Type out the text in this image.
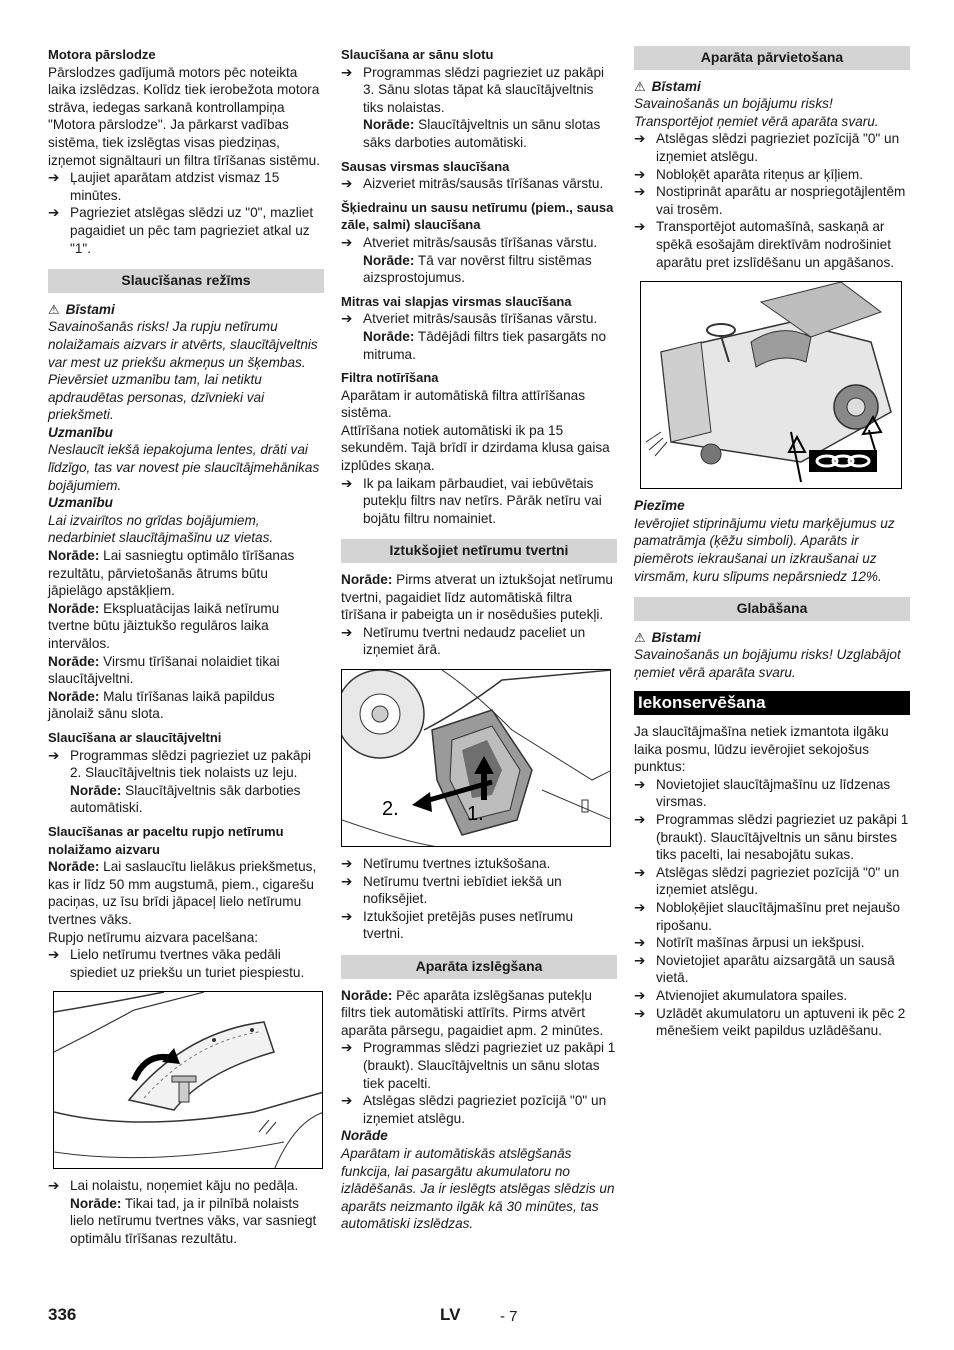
Motora pārslodze
Pārslodzes gadījumā motors pēc noteikta laika izslēdzas. Kolīdz tiek ierobežota motora strāva, iedegas sarkanā kontrollampiņa "Motora pārslodze". Ja pārkarst vadības sistēma, tiek izslēgtas visas piedziņas, izņemot signāltauri un filtra tīrīšanas sistēmu.
➔ Ļaujiet aparātam atdzist vismaz 15 minūtes.
➔ Pagrieziet atslēgas slēdzi uz "0", mazliet pagaidiet un pēc tam pagrieziet atkal uz "1".
Slaucīšanas režīms
⚠ Bīstami
Savainošanās risks! Ja rupju netīrumu nolaižamais aizvars ir atvērts, slaucītājveltnis var mest uz priekšu akmeņus un šķembas. Pievērsiet uzmanību tam, lai netiktu apdraudētas personas, dzīvnieki vai priekšmeti.
Uzmanību
Neslaucīt iekšā iepakojuma lentes, drāti vai līdzīgo, tas var novest pie slaucītājmehānikas bojājumiem.
Uzmanību
Lai izvairītos no grīdas bojājumiem, nedarbiniet slaucītājmašīnu uz vietas.
Norāde: Lai sasniegtu optimālo tīrīšanas rezultātu, pārvietošanās ātrums būtu jāpielāgo apstākļiem.
Norāde: Ekspluatācijas laikā netīrumu tvertne būtu jāiztukšo regulāros laika intervālos.
Norāde: Virsmu tīrīšanai nolaidiet tikai slaucītājveltni.
Norāde: Malu tīrīšanas laikā papildus jānolaiž sānu slota.
Slaucīšana ar slaucītājveltni
➔ Programmas slēdzi pagrieziet uz pakāpi 2. Slaucītājveltnis tiek nolaists uz leju.
Norāde: Slaucītājveltnis sāk darboties automātiski.
Slaucīšanas ar paceltu rupjo netīrumu nolaižamo aizvaru
Norāde: Lai saslaucītu lielākus priekšmetus, kas ir līdz 50 mm augstumā, piem., cigarešu paciņas, uz īsu brīdi jāpaceļ lielo netīrumu tvertnes vāks.
Rupjo netīrumu aizvara pacelšana:
➔ Lielo netīrumu tvertnes vāka pedāli spiediet uz priekšu un turiet piespiestu.
➔ Lai nolaistu, noņemiet kāju no pedāļa.
Norāde: Tikai tad, ja ir pilnībā nolaists lielo netīrumu tvertnes vāks, var sasniegt optimālu tīrīšanas rezultātu.
Slaucīšana ar sānu slotu
➔ Programmas slēdzi pagrieziet uz pakāpi 3. Sānu slotas tāpat kā slaucītājveltnis tiks nolaistas.
Norāde: Slaucītājveltnis un sānu slotas sāks darboties automātiski.
Sausas virsmas slaucīšana
➔ Aizveriet mitrās/sausās tīrīšanas vārstu.
Šķiedrainu un sausu netīrumu (piem., sausa zāle, salmi) slaucīšana
➔ Atveriet mitrās/sausās tīrīšanas vārstu.
Norāde: Tā var novērst filtru sistēmas aizsprostojumus.
Mitras vai slapjas virsmas slaucīšana
➔ Atveriet mitrās/sausās tīrīšanas vārstu.
Norāde: Tādējādi filtrs tiek pasargāts no mitruma.
Filtra notīrīšana
Aparātam ir automātiskā filtra attīrīšanas sistēma.
Attīrīšana notiek automātiski ik pa 15 sekundēm. Tajā brīdī ir dzirdama klusa gaisa izplūdes skaņa.
➔ Ik pa laikam pārbaudiet, vai iebūvētais putekļu filtrs nav netīrs. Pārāk netīru vai bojātu filtru nomainiet.
Iztukšojiet netīrumu tvertni
Norāde: Pirms atverat un iztukšojat netīrumu tvertni, pagaidiet līdz automātiskā filtra tīrīšana ir pabeigta un ir nosēdušies putekļi.
➔ Netīrumu tvertni nedaudz paceliet un izņemiet ārā.
2.	1.
➔ Netīrumu tvertnes iztukšošana.
➔ Netīrumu tvertni iebīdiet iekšā un nofiksējiet.
➔ Iztukšojiet pretējās puses netīrumu tvertni.
Aparāta izslēgšana
Norāde: Pēc aparāta izslēgšanas putekļu filtrs tiek automātiski attīrīts. Pirms atvērt aparāta pārsegu, pagaidiet apm. 2 minūtes.
➔ Programmas slēdzi pagrieziet uz pakāpi 1 (braukt). Slaucītājveltnis un sānu slotas tiek pacelti.
➔ Atslēgas slēdzi pagrieziet pozīcijā "0" un izņemiet atslēgu.
Norāde
Aparātam ir automātiskās atslēgšanās funkcija, lai pasargātu akumulatoru no izlādēšanās. Ja ir ieslēgts atslēgas slēdzis un aparāts neizmanto ilgāk kā 30 minūtes, tas automātiski izslēdzas.
Aparāta pārvietošana
⚠ Bīstami
Savainošanās un bojājumu risks! Transportējot ņemiet vērā aparāta svaru.
➔ Atslēgas slēdzi pagrieziet pozīcijā "0" un izņemiet atslēgu.
➔ Nobloķēt aparāta riteņus ar ķīļiem.
➔ Nostiprināt aparātu ar nospriegotājlentēm vai trosēm.
➔ Transportējot automašīnā, saskaņā ar spēkā esošajām direktīvām nodrošiniet aparātu pret izslīdēšanu un apgāšanos.
Piezīme
Ievērojiet stiprinājumu vietu marķējumus uz pamatrāmja (ķēžu simboli). Aparāts ir piemērots iekraušanai un izkraušanai uz virsmām, kuru slīpums nepārsniedz 12%.
Glabāšana
⚠ Bīstami
Savainošanās un bojājumu risks! Uzglabājot ņemiet vērā aparāta svaru.
Iekonservēšana
Ja slaucītājmašīna netiek izmantota ilgāku laika posmu, lūdzu ievērojiet sekojošus punktus:
➔ Novietojiet slaucītājmašīnu uz līdzenas virsmas.
➔ Programmas slēdzi pagrieziet uz pakāpi 1 (braukt). Slaucītājveltnis un sānu birstes tiks pacelti, lai nesabojātu sukas.
➔ Atslēgas slēdzi pagrieziet pozīcijā "0" un izņemiet atslēgu.
➔ Nobloķējiet slaucītājmašīnu pret nejaušo ripošanu.
➔ Notīrīt mašīnas ārpusi un iekšpusi.
➔ Novietojiet aparātu aizsargātā un sausā vietā.
➔ Atvienojiet akumulatora spailes.
➔ Uzlādēt akumulatoru un aptuveni ik pēc 2 mēnešiem veikt papildus uzlādēšanu.
336	LV	- 7
